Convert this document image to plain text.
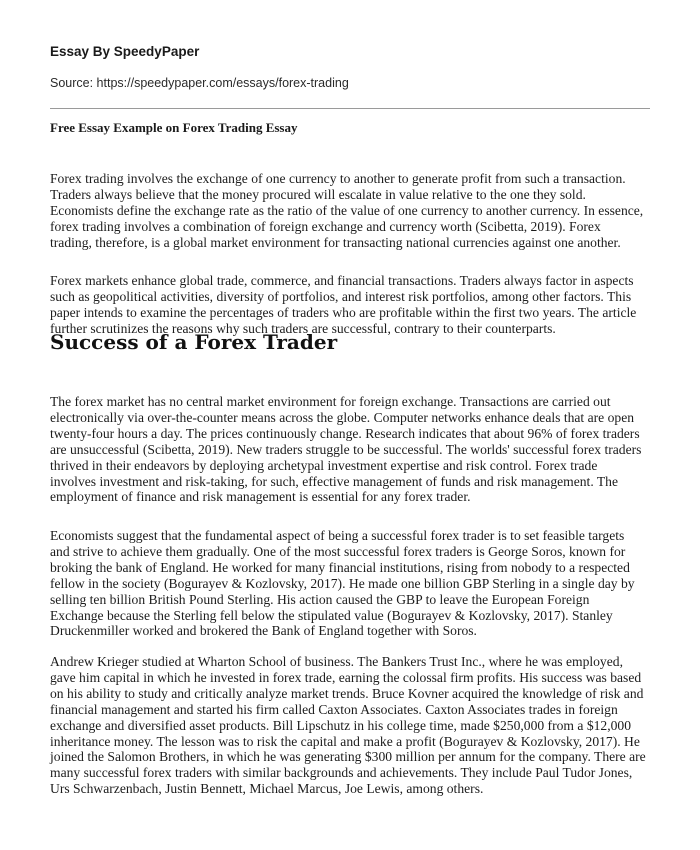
Essay By SpeedyPaper

Source: https://speedypaper.com/essays/forex-trading

Free Essay Example on Forex Trading Essay

Forex trading involves the exchange of one currency to another to generate profit from such a transaction. Traders always believe that the money procured will escalate in value relative to the one they sold. Economists define the exchange rate as the ratio of the value of one currency to another currency. In essence, forex trading involves a combination of foreign exchange and currency worth (Scibetta, 2019). Forex trading, therefore, is a global market environment for transacting national currencies against one another.

Forex markets enhance global trade, commerce, and financial transactions. Traders always factor in aspects such as geopolitical activities, diversity of portfolios, and interest risk portfolios, among other factors. This paper intends to examine the percentages of traders who are profitable within the first two years. The article further scrutinizes the reasons why such traders are successful, contrary to their counterparts.

Success of a Forex Trader

The forex market has no central market environment for foreign exchange. Transactions are carried out electronically via over-the-counter means across the globe. Computer networks enhance deals that are open twenty-four hours a day. The prices continuously change. Research indicates that about 96% of forex traders are unsuccessful (Scibetta, 2019). New traders struggle to be successful. The worlds' successful forex traders thrived in their endeavors by deploying archetypal investment expertise and risk control. Forex trade involves investment and risk-taking, for such, effective management of funds and risk management. The employment of finance and risk management is essential for any forex trader.

Economists suggest that the fundamental aspect of being a successful forex trader is to set feasible targets and strive to achieve them gradually. One of the most successful forex traders is George Soros, known for broking the bank of England. He worked for many financial institutions, rising from nobody to a respected fellow in the society (Bogurayev & Kozlovsky, 2017). He made one billion GBP Sterling in a single day by selling ten billion British Pound Sterling. His action caused the GBP to leave the European Foreign Exchange because the Sterling fell below the stipulated value (Bogurayev & Kozlovsky, 2017). Stanley Druckenmiller worked and brokered the Bank of England together with Soros.

Andrew Krieger studied at Wharton School of business. The Bankers Trust Inc., where he was employed, gave him capital in which he invested in forex trade, earning the colossal firm profits. His success was based on his ability to study and critically analyze market trends. Bruce Kovner acquired the knowledge of risk and financial management and started his firm called Caxton Associates. Caxton Associates trades in foreign exchange and diversified asset products. Bill Lipschutz in his college time, made $250,000 from a $12,000 inheritance money. The lesson was to risk the capital and make a profit (Bogurayev & Kozlovsky, 2017). He joined the Salomon Brothers, in which he was generating $300 million per annum for the company. There are many successful forex traders with similar backgrounds and achievements. They include Paul Tudor Jones, Urs Schwarzenbach, Justin Bennett, Michael Marcus, Joe Lewis, among others.
